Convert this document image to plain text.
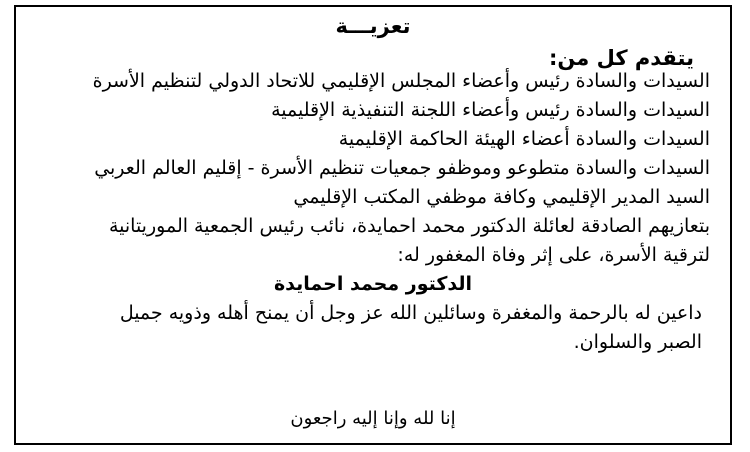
تعزيـــة
يتقدم كل من:
السيدات والسادة رئيس وأعضاء المجلس الإقليمي للاتحاد الدولي لتنظيم الأسرة
السيدات والسادة رئيس وأعضاء اللجنة التنفيذية الإقليمية
السيدات والسادة أعضاء الهيئة الحاكمة الإقليمية
السيدات والسادة متطوعو وموظفو جمعيات تنظيم الأسرة - إقليم العالم العربي
السيد المدير الإقليمي وكافة موظفي المكتب الإقليمي
بتعازيهم الصادقة لعائلة الدكتور محمد احمايدة، نائب رئيس الجمعية الموريتانية
لترقية الأسرة، على إثر وفاة المغفور له:
الدكتور محمد احمايدة
داعين له بالرحمة والمغفرة وسائلين الله عز وجل أن يمنح أهله وذويه جميل
الصبر والسلوان.
إنا لله وإنا إليه راجعون
